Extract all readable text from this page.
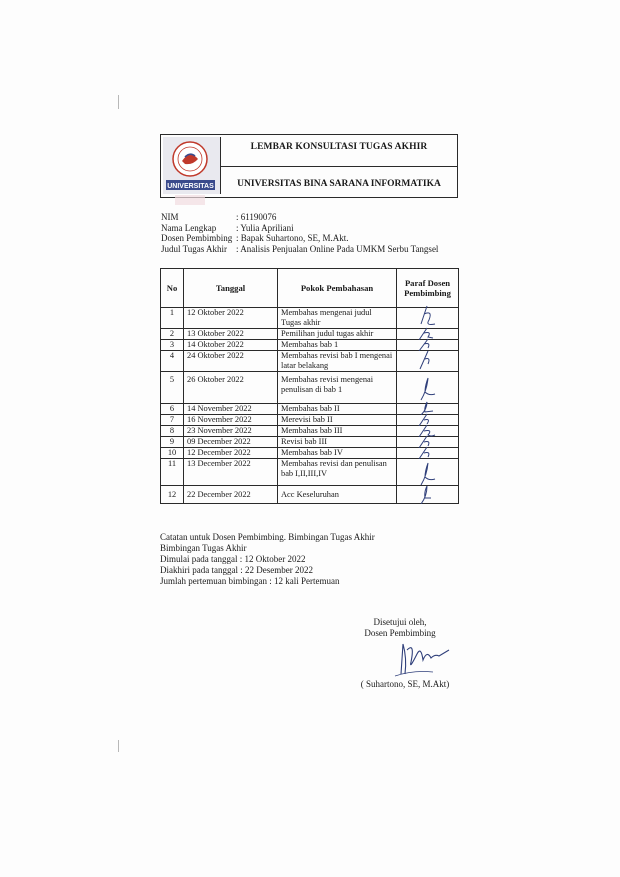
UNIVERSITAS
LEMBAR KONSULTASI TUGAS AKHIR
UNIVERSITAS BINA SARANA INFORMATIKA
NIM	: 61190076
Nama Lengkap : Yulia Apriliani
Dosen Pembimbing : Bapak Suhartono, SE, M.Akt.
Judul Tugas Akhir : Analisis Penjualan Online Pada UMKM Serbu Tangsel
No	Tanggal	Pokok Pembahasan	Paraf Dosen Pembimbing
1	12 Oktober 2022	Membahas mengenai judul Tugas akhir	

2	13 Oktober 2022	Pemilihan judul tugas akhir	

3	14 Oktober 2022	Membahas bab 1	

4	24 Oktober 2022	Membahas revisi bab I mengenai latar belakang	

5	26 Oktober 2022	Membahas revisi mengenai penulisan di bab 1	

6	14 November 2022	Membahas bab II	

7	16 November 2022	Merevisi bab II	

8	23 November 2022	Membahas bab III	

9	09 December 2022	Revisi bab III	

10	12 December 2022	Membahas bab IV	

11	13 December 2022	Membahas revisi dan penulisan bab I,II,III,IV	

12	22 December 2022	Acc Keseluruhan	
Catatan untuk Dosen Pembimbing. Bimbingan Tugas Akhir
Bimbingan Tugas Akhir
Dimulai pada tanggal : 12 Oktober 2022
Diakhiri pada tanggal : 22 Desember 2022
Jumlah pertemuan bimbingan : 12 kali Pertemuan
Disetujui oleh,
Dosen Pembimbing
( Suhartono, SE, M.Akt)
